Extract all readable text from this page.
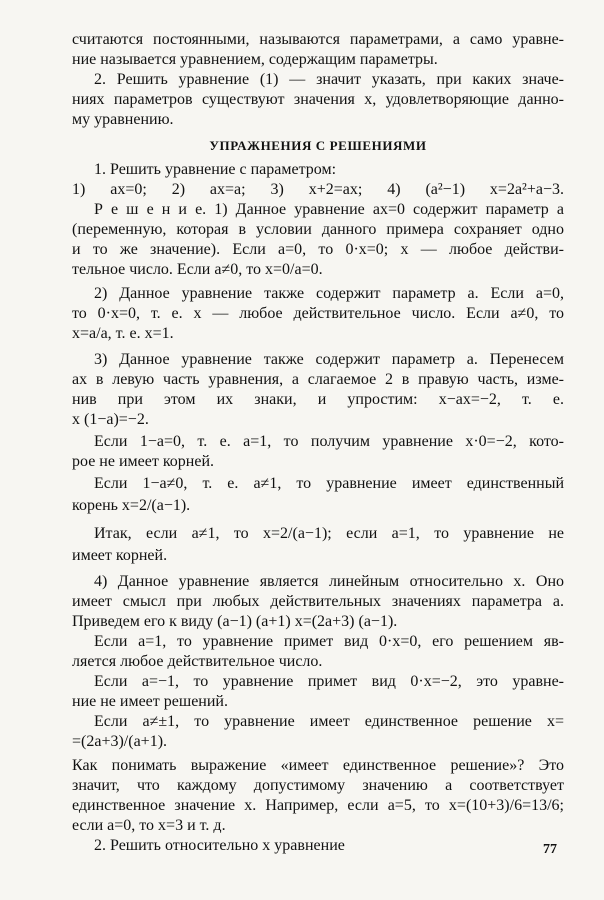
считаются постоянными, называются параметрами, а само уравне-
ние называется уравнением, содержащим параметры.
2. Решить уравнение (1) — значит указать, при каких значе-
ниях параметров существуют значения x, удовлетворяющие данно-
му уравнению.
УПРАЖНЕНИЯ С РЕШЕНИЯМИ
1. Решить уравнение с параметром:
1) ax=0; 2) ax=a; 3) x+2=ax; 4) (a²−1) x=2a²+a−3.
Р е ш е н и е. 1) Данное уравнение ax=0 содержит параметр a
(переменную, которая в условии данного примера сохраняет одно
и то же значение). Если a=0, то 0·x=0; x — любое действи-
тельное число. Если a≠0, то x=0/a=0.
2) Данное уравнение также содержит параметр a. Если a=0,
то 0·x=0, т. е. x — любое действительное число. Если a≠0, то
x=a/a, т. е. x=1.
3) Данное уравнение также содержит параметр a. Перенесем
ax в левую часть уравнения, а слагаемое 2 в правую часть, изме-
нив при этом их знаки, и упростим: x−ax=−2, т. е.
x (1−a)=−2.
Если 1−a=0, т. е. a=1, то получим уравнение x·0=−2, кото-
рое не имеет корней.
Если 1−a≠0, т. е. a≠1, то уравнение имеет единственный
корень x=2/(a−1).
Итак, если a≠1, то x=2/(a−1); если a=1, то уравнение не
имеет корней.
4) Данное уравнение является линейным относительно x. Оно
имеет смысл при любых действительных значениях параметра a.
Приведем его к виду (a−1) (a+1) x=(2a+3) (a−1).
Если a=1, то уравнение примет вид 0·x=0, его решением яв-
ляется любое действительное число.
Если a=−1, то уравнение примет вид 0·x=−2, это уравне-
ние не имеет решений.
Если a≠±1, то уравнение имеет единственное решение x=
=(2a+3)/(a+1).
Как понимать выражение «имеет единственное решение»? Это
значит, что каждому допустимому значению a соответствует
единственное значение x. Например, если a=5, то x=(10+3)/6=13/6;
если a=0, то x=3 и т. д.
2. Решить относительно x уравнение	77
